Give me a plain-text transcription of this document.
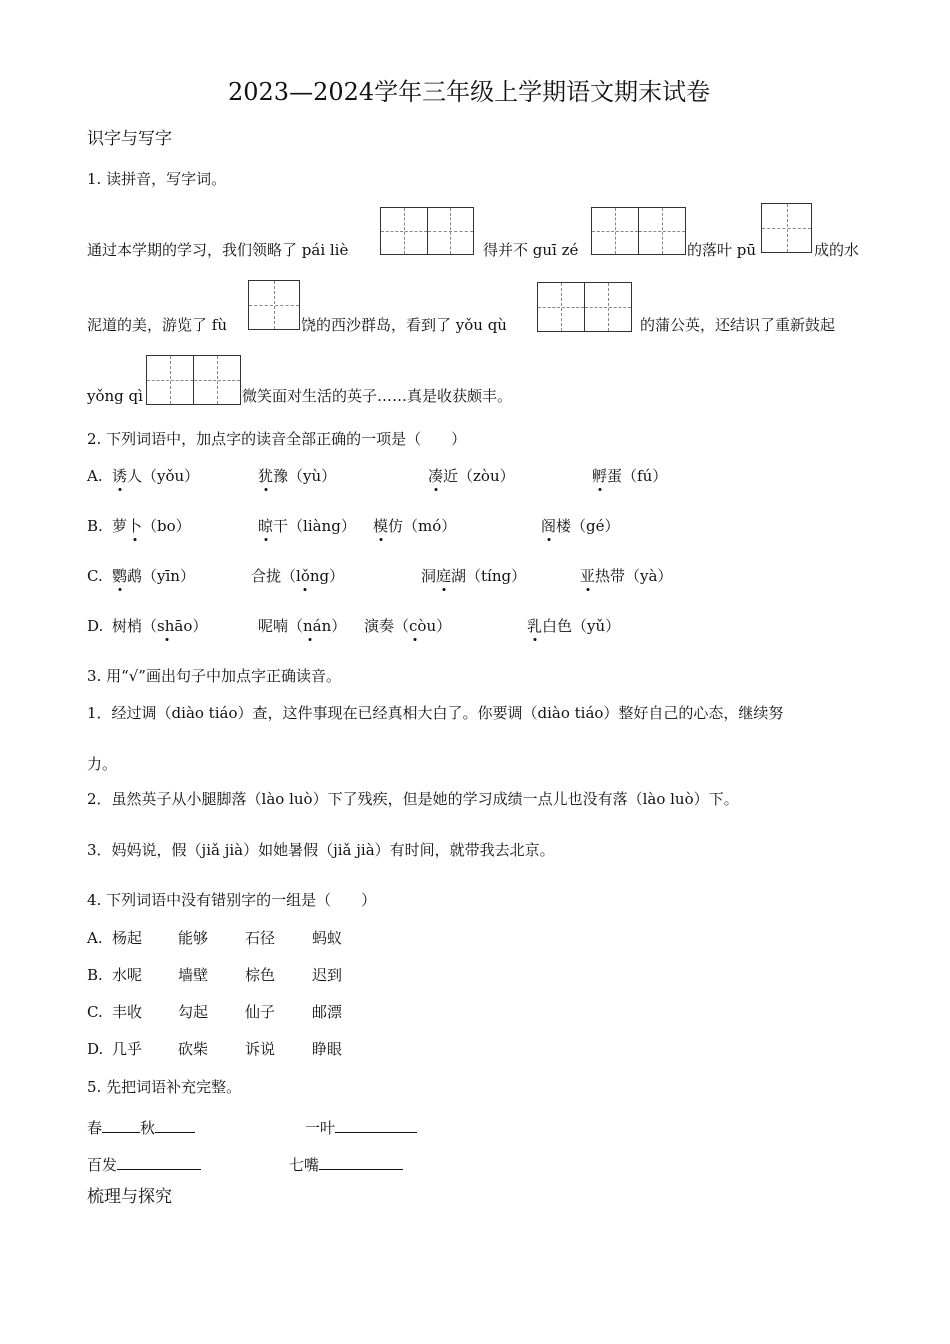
2023—2024学年三年级上学期语文期末试卷
识字与写字
1. 读拼音，写字词。
通过本学期的学习，我们领略了 pái liè	得并不 guī zé	的落叶 pū	成的水
泥道的美，游览了 fù	饶的西沙群岛，看到了 yǒu qù	的蒲公英，还结识了重新鼓起
yǒng qì	微笑面对生活的英子……真是收获颇丰。
2. 下列词语中，加点字的读音全部正确的一项是（　　）
A. 诱人（yǒu）	犹豫（yù）	凑近（zòu）	孵蛋（fú）
B. 萝卜（bo）	晾干（liàng） 模仿（mó）	阁楼（gé）
C. 鹦鹉（yīn）	合拢（lǒng）	洞庭湖（tíng）	亚热带（yà）
D. 树梢（shāo）	呢喃（nán） 演奏（còu）	乳白色（yǔ）
3. 用“√”画出句子中加点字正确读音。
1．经过调（diào tiáo）查，这件事现在已经真相大白了。你要调（diào tiáo）整好自己的心态，继续努
力。
2．虽然英子从小腿脚落（lào luò）下了残疾，但是她的学习成绩一点儿也没有落（lào luò）下。
3．妈妈说，假（jiǎ jià）如她暑假（jiǎ jià）有时间，就带我去北京。
4. 下列词语中没有错别字的一组是（　　）
A. 杨起 能够 石径 蚂蚁
B. 水呢 墙壁 棕色 迟到
C. 丰收 勾起 仙子 邮漂
D. 几乎 砍柴 诉说 睁眼
5. 先把词语补充完整。
春	秋	一叶
百发	七嘴
梳理与探究
